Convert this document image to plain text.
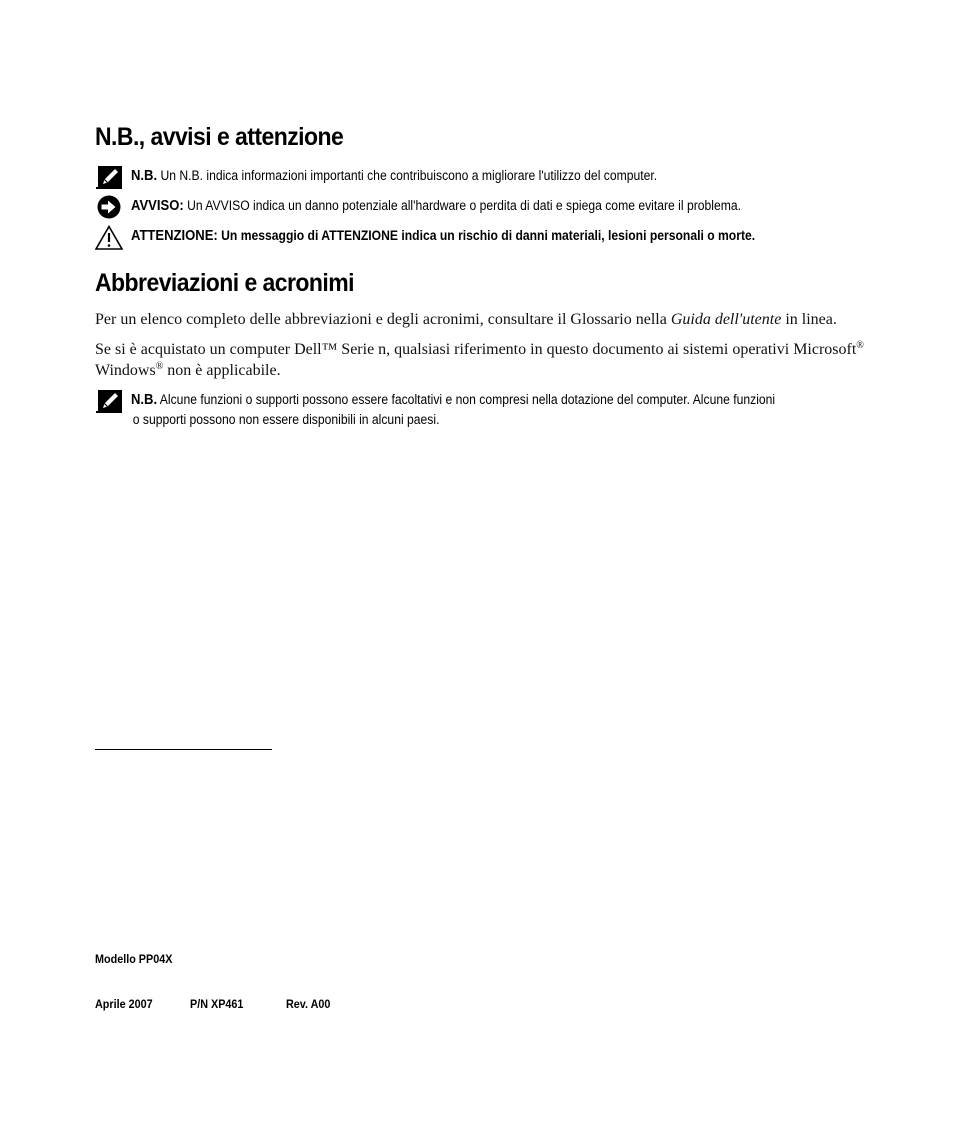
N.B., avvisi e attenzione
N.B. Un N.B. indica informazioni importanti che contribuiscono a migliorare l'utilizzo del computer.
AVVISO: Un AVVISO indica un danno potenziale all'hardware o perdita di dati e spiega come evitare il problema.
ATTENZIONE: Un messaggio di ATTENZIONE indica un rischio di danni materiali, lesioni personali o morte.
Abbreviazioni e acronimi

Per un elenco completo delle abbreviazioni e degli acronimi, consultare il Glossario nella Guida dell'utente in linea.

Se si è acquistato un computer Dell™ Serie n, qualsiasi riferimento in questo documento ai sistemi operativi Microsoft® Windows® non è applicabile.

N.B. Alcune funzioni o supporti possono essere facoltativi e non compresi nella dotazione del computer. Alcune funzioni
o supporti possono non essere disponibili in alcuni paesi.
Modello PP04X
Aprile 2007	P/N XP461	Rev. A00
